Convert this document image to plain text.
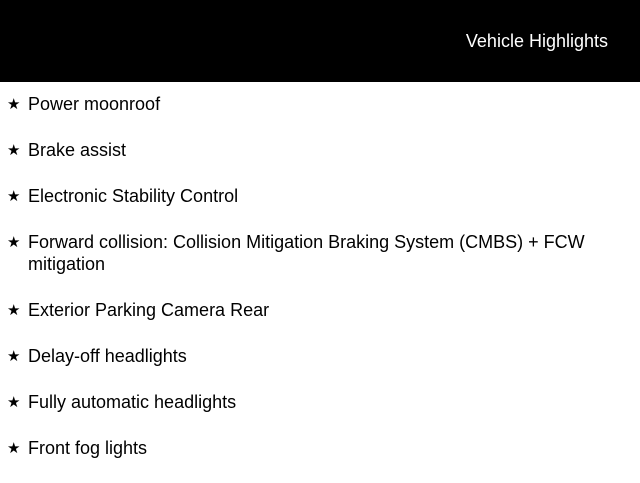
Vehicle Highlights
★ Power moonroof
★ Brake assist
★ Electronic Stability Control
★ Forward collision: Collision Mitigation Braking System (CMBS) + FCW mitigation
★ Exterior Parking Camera Rear
★ Delay-off headlights
★ Fully automatic headlights
★ Front fog lights
